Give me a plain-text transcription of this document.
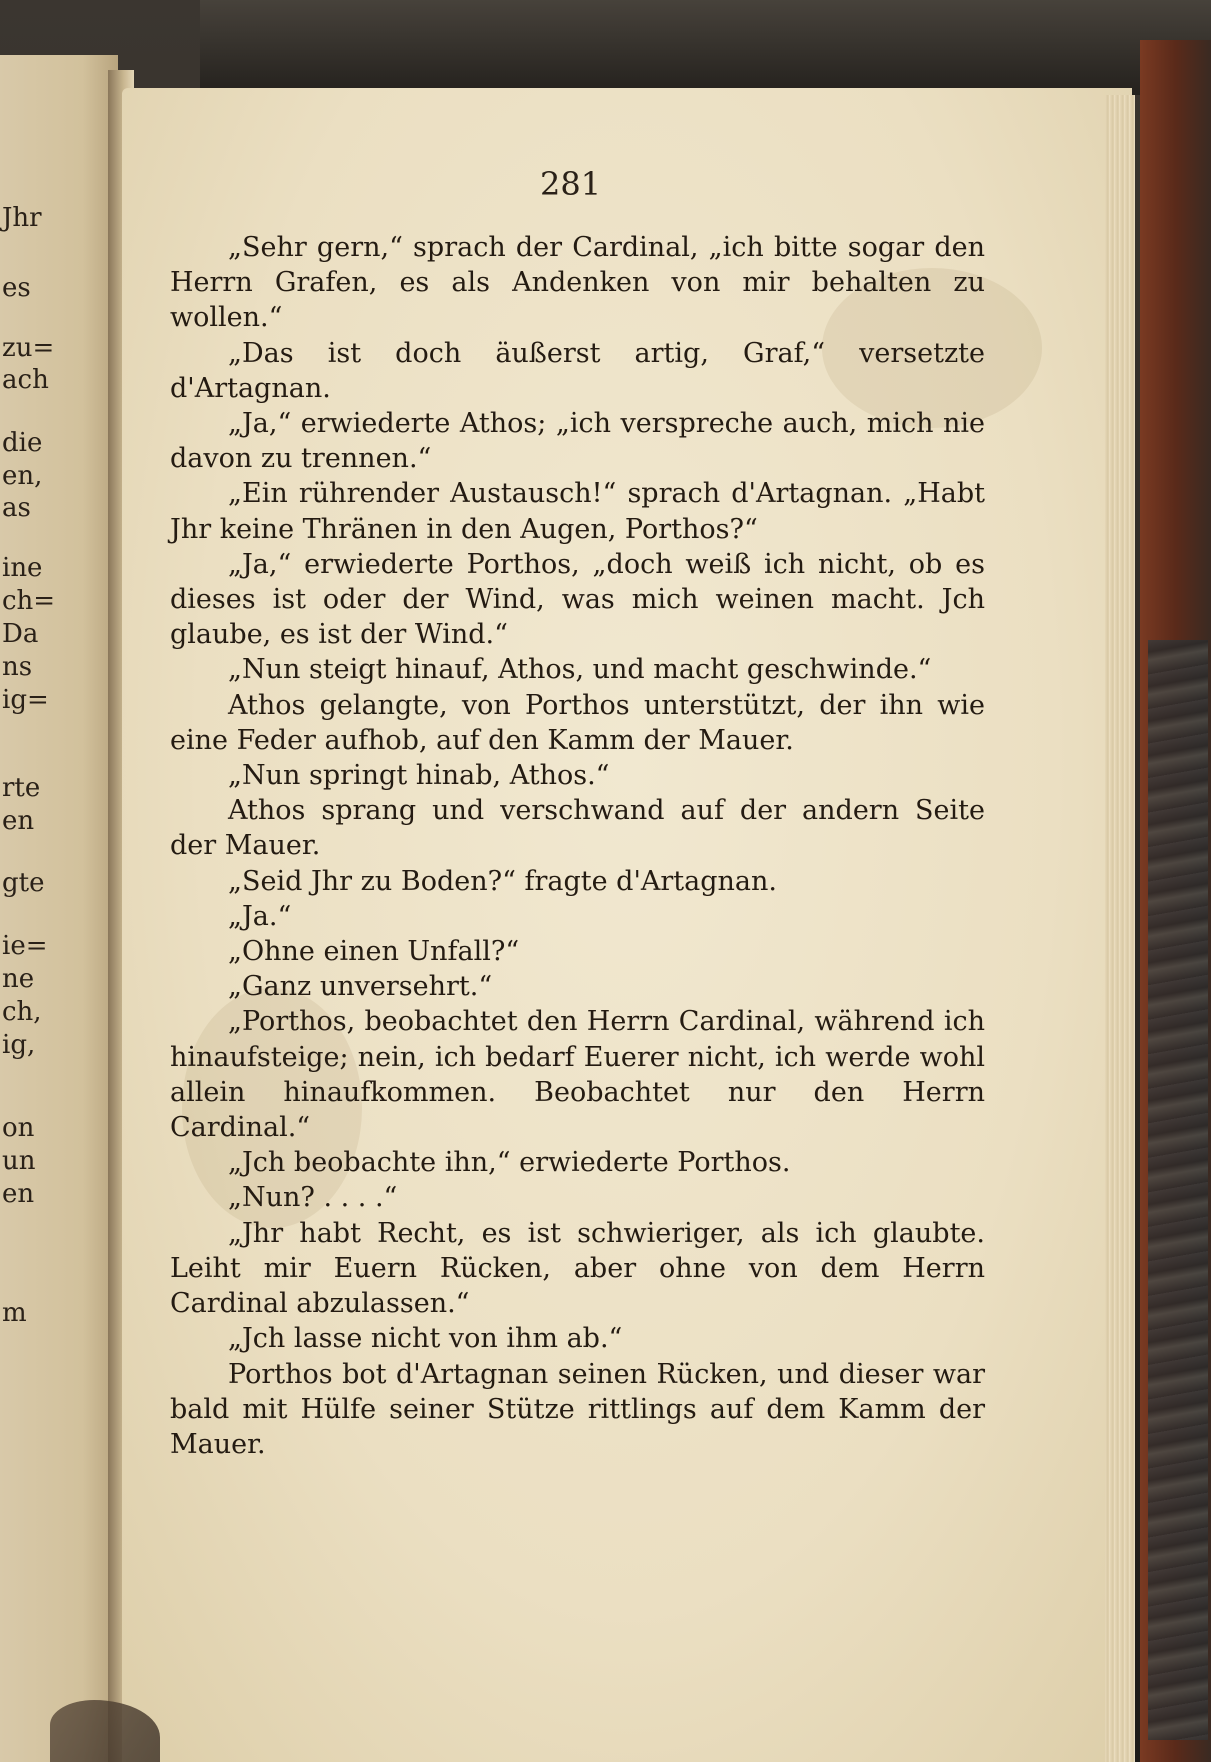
Jhr

es

zu=

ach

die

en,

as

ine

ch=

Da

ns

ig=

rte

en

gte

ie=

ne

ch,

ig,

on

un

en

m

281

„Sehr gern,“ sprach der Cardinal, „ich bitte sogar den Herrn Grafen, es als Andenken von mir behalten zu wollen.“

„Das ist doch äußerst artig, Graf,“ versetzte d'Artagnan.

„Ja,“ erwiederte Athos; „ich verspreche auch, mich nie davon zu trennen.“

„Ein rührender Austausch!“ sprach d'Artagnan. „Habt Jhr keine Thränen in den Augen, Porthos?“

„Ja,“ erwiederte Porthos, „doch weiß ich nicht, ob es dieses ist oder der Wind, was mich weinen macht. Jch glaube, es ist der Wind.“

„Nun steigt hinauf, Athos, und macht geschwinde.“

Athos gelangte, von Porthos unterstützt, der ihn wie eine Feder aufhob, auf den Kamm der Mauer.

„Nun springt hinab, Athos.“

Athos sprang und verschwand auf der andern Seite der Mauer.

„Seid Jhr zu Boden?“ fragte d'Artagnan.

„Ja.“

„Ohne einen Unfall?“

„Ganz unversehrt.“

„Porthos, beobachtet den Herrn Cardinal, während ich hinaufsteige; nein, ich bedarf Euerer nicht, ich werde wohl allein hinaufkommen. Beobachtet nur den Herrn Cardinal.“

„Jch beobachte ihn,“ erwiederte Porthos.

„Nun? . . . .“

„Jhr habt Recht, es ist schwieriger, als ich glaubte. Leiht mir Euern Rücken, aber ohne von dem Herrn Cardinal abzulassen.“

„Jch lasse nicht von ihm ab.“

Porthos bot d'Artagnan seinen Rücken, und dieser war bald mit Hülfe seiner Stütze rittlings auf dem Kamm der Mauer.
